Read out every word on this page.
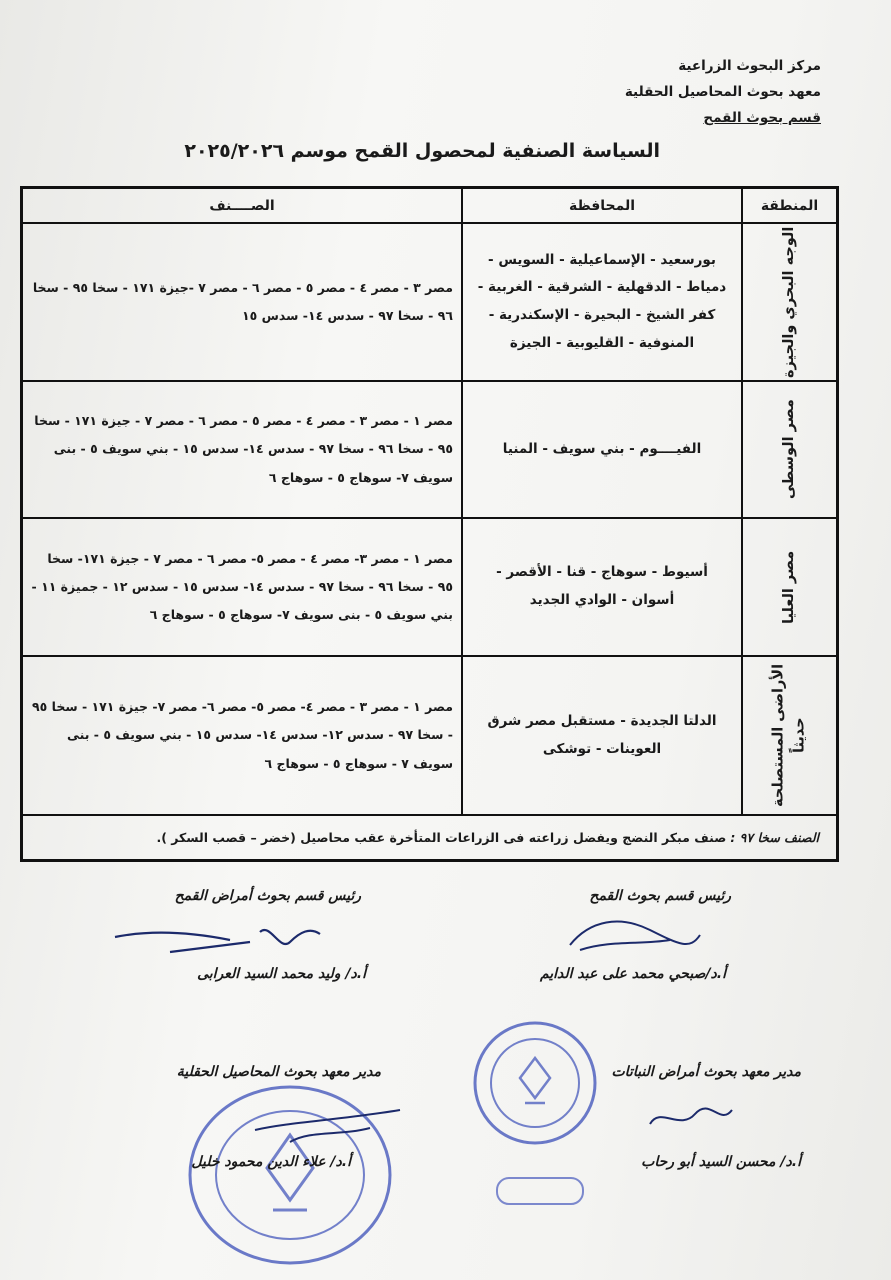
مركز البحوث الزراعية
معهد بحوث المحاصيل الحقلية
قسم بحوث القمح
السياسة الصنفية لمحصول القمح موسم ٢٠٢٥/٢٠٢٦
المنطقة
المحافظة
الصــــنف
الوجه البحري والجيزة
بورسعيد - الإسماعيلية - السويس - دمياط - الدقهلية - الشرقية - الغربية - كفر الشيخ - البحيرة - الإسكندرية - المنوفية - القليوبية - الجيزة
مصر ٣ - مصر ٤ - مصر ٥ - مصر ٦ - مصر ٧ -جيزة ١٧١ - سخا ٩٥ - سخا ٩٦ - سخا ٩٧ - سدس ١٤- سدس ١٥
مصر الوسطى
الفيــــوم - بني سويف - المنيا
مصر ١ - مصر ٣ - مصر ٤ - مصر ٥ - مصر ٦ - مصر ٧ - جيزة ١٧١ - سخا ٩٥ - سخا ٩٦ - سخا ٩٧ - سدس ١٤- سدس ١٥ - بني سويف ٥ - بنى سويف ٧- سوهاج ٥ - سوهاج ٦
مصر العليا
أسيوط - سوهاج - قنا - الأقصر - أسوان - الوادي الجديد
مصر ١ - مصر ٣- مصر ٤ - مصر ٥- مصر ٦ - مصر ٧ - جيزة ١٧١- سخا ٩٥ - سخا ٩٦ - سخا ٩٧ - سدس ١٤- سدس ١٥ - سدس ١٢ - جميزة ١١ - بني سويف ٥ - بنى سويف ٧- سوهاج ٥ - سوهاج ٦
الأراضى المستصلحة حديثاً
الدلتا الجديدة - مستقبل مصر شرق العوينات - توشكى
مصر ١ - مصر ٣ - مصر ٤- مصر ٥- مصر ٦- مصر ٧- جيزة ١٧١ - سخا ٩٥ - سخا ٩٧ - سدس ١٢- سدس ١٤- سدس ١٥ - بني سويف ٥ - بنى سويف ٧ - سوهاج ٥ - سوهاج ٦
الصنف سخا ٩٧ :
صنف مبكر النضج ويفضل زراعته فى الزراعات المتأخرة عقب محاصيل (خضر – قصب السكر ).
رئيس قسم بحوث القمح
رئيس قسم بحوث أمراض القمح
أ.د/صبحي محمد على عبد الدايم
أ.د/ وليد محمد السيد العرابى
مدير معهد بحوث أمراض النباتات
مدير معهد بحوث المحاصيل الحقلية
أ.د/ محسن السيد أبو رحاب
أ.د/ علاء الدين محمود خليل
